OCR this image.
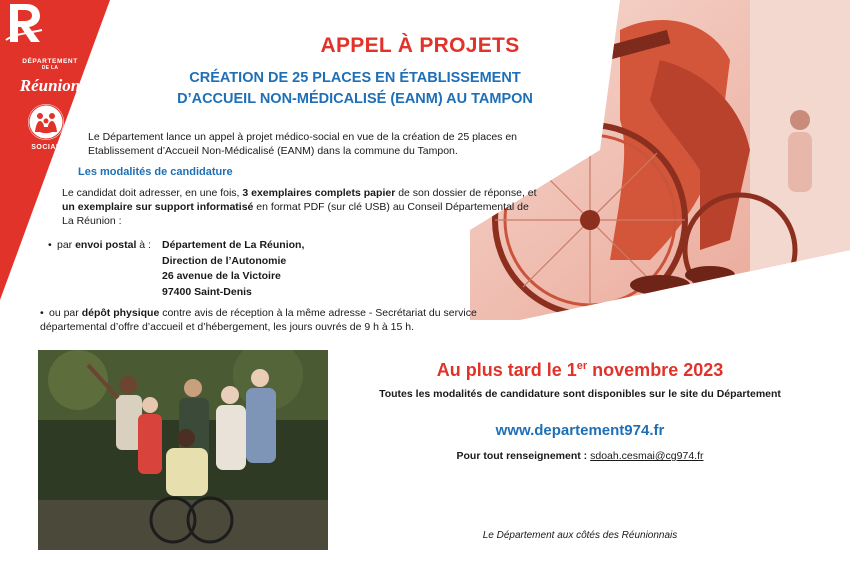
DÉPARTEMENT
DE LA
Réunion
SOCIAL
APPEL À PROJETS
CRÉATION DE 25 PLACES EN ÉTABLISSEMENT
D’ACCUEIL NON-MÉDICALISÉ (EANM) AU TAMPON
Le Département lance un appel à projet médico-social en vue de la création de 25 places en Etablissement d’Accueil Non-Médicalisé (EANM) dans la commune du Tampon.
Les modalités de candidature
Le candidat doit adresser, en une fois, 3 exemplaires complets papier de son dossier de réponse, et un exemplaire sur support informatisé en format PDF (sur clé USB) au Conseil Départemental de La Réunion :
• par envoi postal à : Département de La Réunion,
Direction de l’Autonomie
26 avenue de la Victoire
97400 Saint-Denis
• ou par dépôt physique contre avis de réception à la même adresse - Secrétariat du service départemental d’offre d’accueil et d’hébergement, les jours ouvrés de 9 h à 15 h.
Au plus tard le 1er novembre 2023
Toutes les modalités de candidature sont disponibles sur le site du Département
www.departement974.fr
Pour tout renseignement : sdoah.cesmai@cg974.fr
Le Département aux côtés des Réunionnais
